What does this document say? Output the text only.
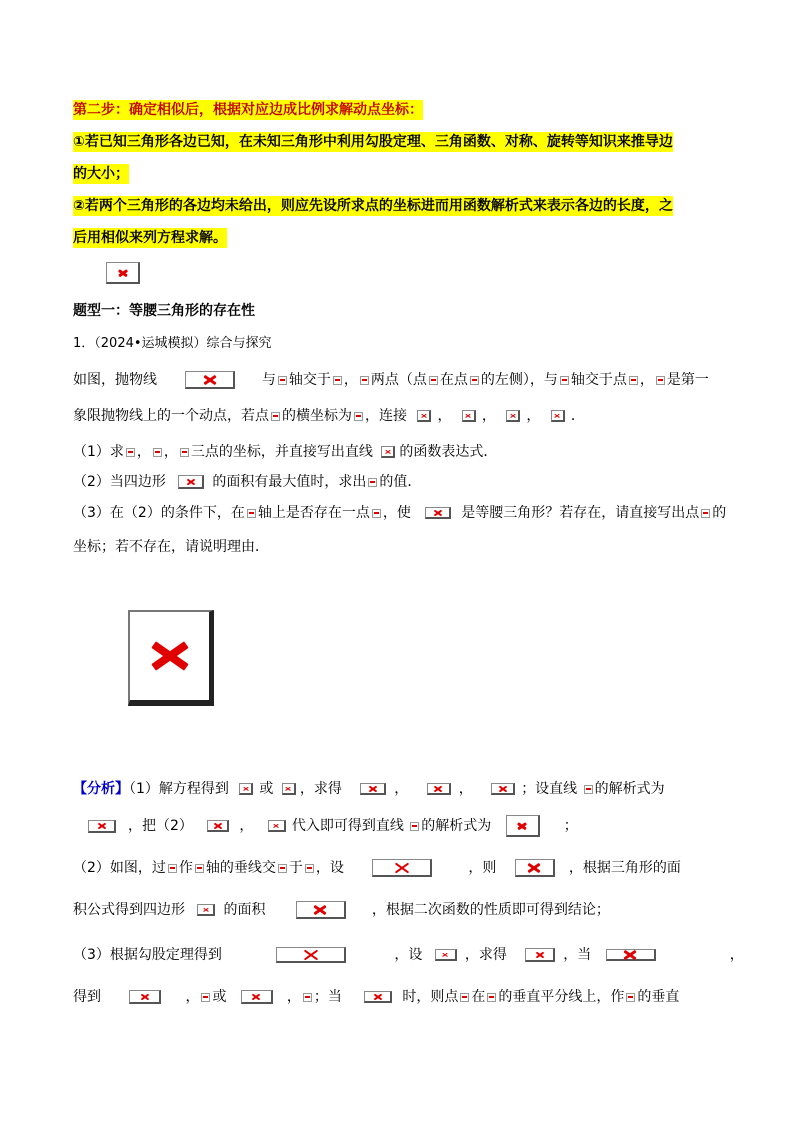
第二步：确定相似后，根据对应边成比例求解动点坐标：
①若已知三角形各边已知，在未知三角形中利用勾股定理、三角函数、对称、旋转等知识来推导边
的大小；
②若两个三角形的各边均未给出，则应先设所求点的坐标进而用函数解析式来表示各边的长度，之
后用相似来列方程求解。
题型一：等腰三角形的存在性
1．（2024•运城模拟）综合与探究
如图，抛物线	与 轴交于 ， 两点（点 在点 的左侧），与 轴交于点 ， 是第一
象限抛物线上的一个动点，若点 的横坐标为 ，连接 ， ， ， ．
（1）求 ， ， 三点的坐标，并直接写出直线 的函数表达式．
（2）当四边形	的面积有最大值时，求出 的值．
（3）在（2）的条件下，在 轴上是否存在一点 ，使	是等腰三角形？若存在，请直接写出点 的
坐标；若不存在，请说明理由．
【分析】（1）解方程得到 或 ，求得	，	，	；设直线 的解析式为
，把（2）	，	代入即可得到直线 的解析式为	；
（2）如图，过 作 轴的垂线交 于 ，设	，则	，根据三角形的面
积公式得到四边形	的面积	，根据二次函数的性质即可得到结论；
（3）根据勾股定理得到	，设	，求得	，当	，
得到	， 或	， ；当	时，则点 在 的垂直平分线上，作 的垂直
